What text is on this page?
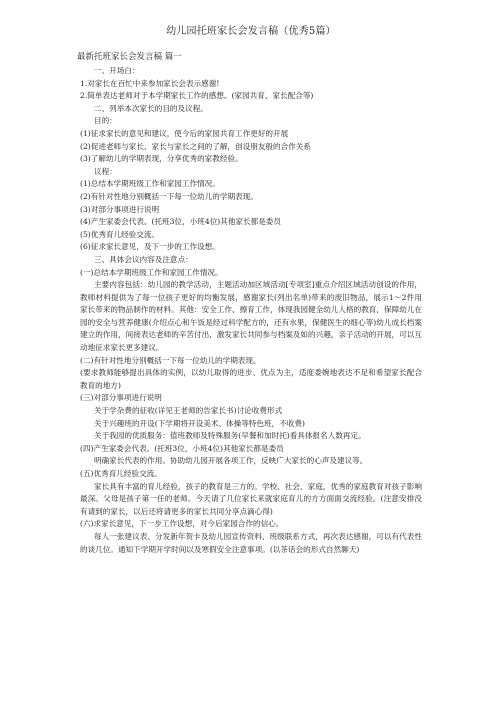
幼儿园托班家长会发言稿（优秀5篇）
最新托班家长会发言稿 篇一

一、开场白：

1.对家长在百忙中来参加家长会表示感谢!

2.简单表达老师对于本学期家长工作的感想。(家园共育、家长配合等)

二、列举本次家长的目的及议程。

目的：

(1)征求家长的意见和建议，使今后的家园共育工作更好的开展

(2)促进老师与家长、家长与家长之间的了解，创设朋友般的合作关系

(3)了解幼儿的学期表现，分享优秀的家教经验。

议程：

(1)总结本学期班级工作和家园工作情况。

(2)有针对性地分别概括一下每一位幼儿的学期表现。

(3)对部分事项进行说明

(4)产生家委会代表。(托班3位，小班4位)其他家长都是委员

(5)优秀育儿经验交流。

(6)征求家长意见，及下一步的工作设想。

三、具体会议内容及注意点：

(一)总结本学期班级工作和家园工作情况。

主要内容包括：幼儿园的教学活动，主题活动加区域活动[专项室]重点介绍区域活动创设的作用，教师材料提供为了每一位孩子更好的均衡发展，感谢家长(列出名单)带来的废旧物品，展示1～2件用家长带来的物品制作的材料。其他：安全工作、擦育工作，体现我园健全幼儿人格的教育，保障幼儿在园的安全与营养健康(介绍点心和午饭是经过科学配方的，还有水果，保健医生的细心等)幼儿成长档案建立的作用，间接表达老师的辛苦付出，激发家长共同参与档案及如的兴趣，亲子活动的开展，可以互动地征求家长更多建议。

(二)有针对性地分别概括一下每一位幼儿的学期表现。

(要求教师能够提出具体的实例，以幼儿取得的进步、优点为主，适度委婉地表达不足和希望家长配合教育的地方)

(三)对部分事项进行说明

关于学杂费的征收(详见王老师的告家长书)讨论收费形式

关于兴趣班的开设(下学期将开设美术、体操等特色班，不收费)

关于我园的优质服务：值班教师及特殊服务(早餐和加时托)看具体报名人数再定。

(四)产生家委会代表。(托班3位，小班4位)其他家长都是委员

明确家长代表的作用。协助幼儿园开展各项工作，反映广大家长的心声及建议等。

(五)优秀育儿经验交流。

家长具有丰富的育儿经验，孩子的教育是三方的。学校、社会、家庭，优秀的家庭教育对孩子影响最深。父母是孩子第一任的老师。今天请了几位家长来就家庭育儿的方方面面交流经验。(注意安排没有请到的家长，以后还将请更多的家长共同分享点滴心得)

(六)求家长意见，下一步工作设想，对今后家园合作的信心。

每人一张建议表、分发新年贺卡及幼儿园宣传资料、班级联系方式，再次表达感谢，可以有代表性的谈几位。通知下学期开学时间以及寒假安全注意事项。(以茶话会的形式自然聊天)
